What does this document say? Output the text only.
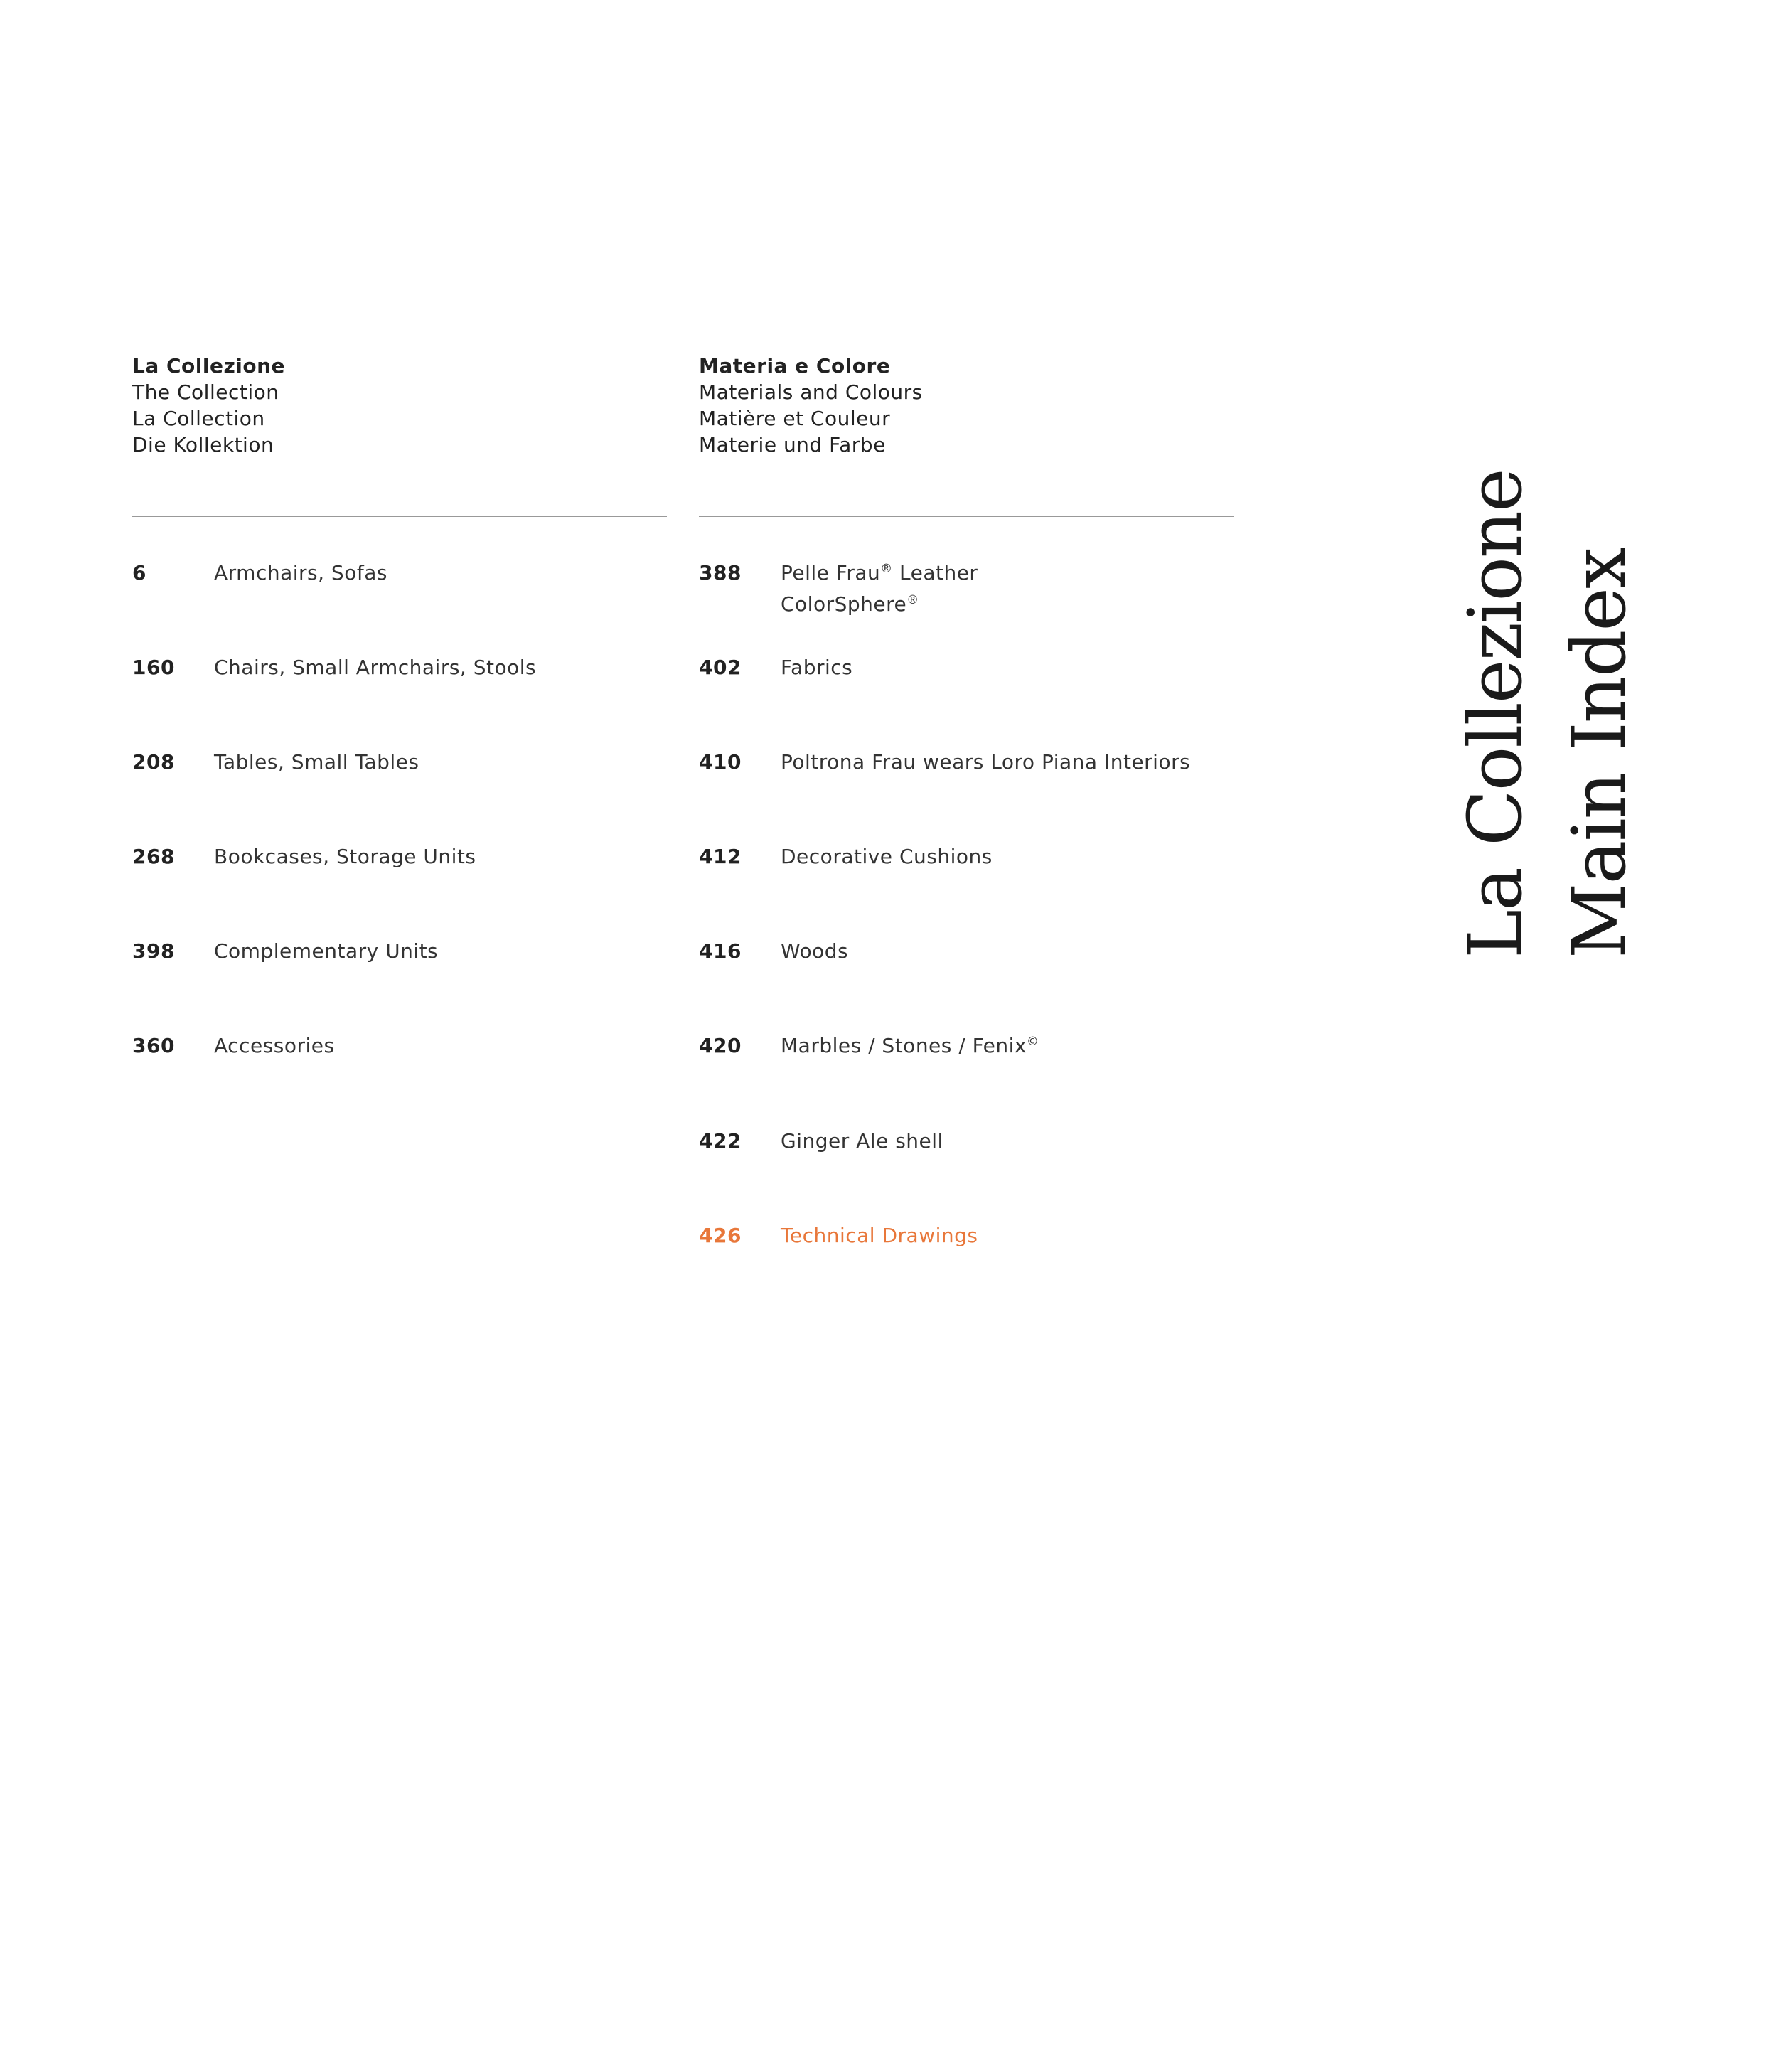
La Collezione
The Collection
La Collection
Die Kollektion
6	Armchairs, Sofas
160	Chairs, Small Armchairs, Stools
208	Tables, Small Tables
268	Bookcases, Storage Units
398	Complementary Units
360	Accessories
Materia e Colore
Materials and Colours
Matière et Couleur
Materie und Farbe
388	Pelle Frau® Leather
ColorSphere®
402	Fabrics
410	Poltrona Frau wears Loro Piana Interiors
412	Decorative Cushions
416	Woods
420	Marbles / Stones / Fenix©
422	Ginger Ale shell
426	Technical Drawings
La Collezione Main Index
